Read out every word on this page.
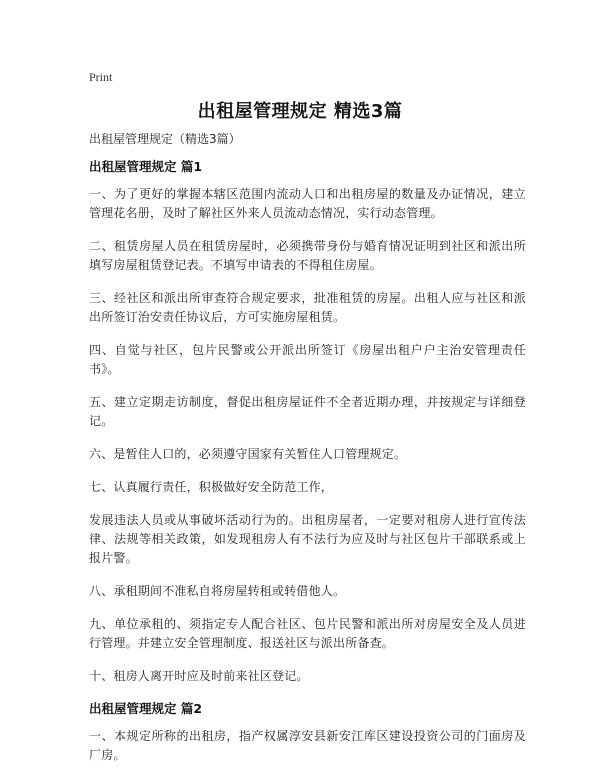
Print
出租屋管理规定 精选3篇

出租屋管理规定（精选3篇）

出租屋管理规定 篇1

一、为了更好的掌握本辖区范围内流动人口和出租房屋的数量及办证情况，建立管理花名册，及时了解社区外来人员流动态情况，实行动态管理。

二、租赁房屋人员在租赁房屋时，必须携带身份与婚育情况证明到社区和派出所填写房屋租赁登记表。不填写申请表的不得租住房屋。

三、经社区和派出所审查符合规定要求，批准租赁的房屋。出租人应与社区和派出所签订治安责任协议后，方可实施房屋租赁。

四、自觉与社区，包片民警或公开派出所签订《房屋出租户户主治安管理责任书》。

五、建立定期走访制度，督促出租房屋证件不全者近期办理，并按规定与详细登记。

六、是暂住人口的，必须遵守国家有关暂住人口管理规定。

七、认真履行责任，积极做好安全防范工作，

发展违法人员或从事破坏活动行为的。出租房屋者，一定要对租房人进行宣传法律、法规等相关政策，如发现租房人有不法行为应及时与社区包片干部联系或上报片警。

八、承租期间不准私自将房屋转租或转借他人。

九、单位承租的、须指定专人配合社区、包片民警和派出所对房屋安全及人员进行管理。并建立安全管理制度、报送社区与派出所备查。

十、租房人离开时应及时前来社区登记。

出租屋管理规定 篇2

一、本规定所称的出租房，指产权属淳安县新安江库区建设投资公司的门面房及厂房。
